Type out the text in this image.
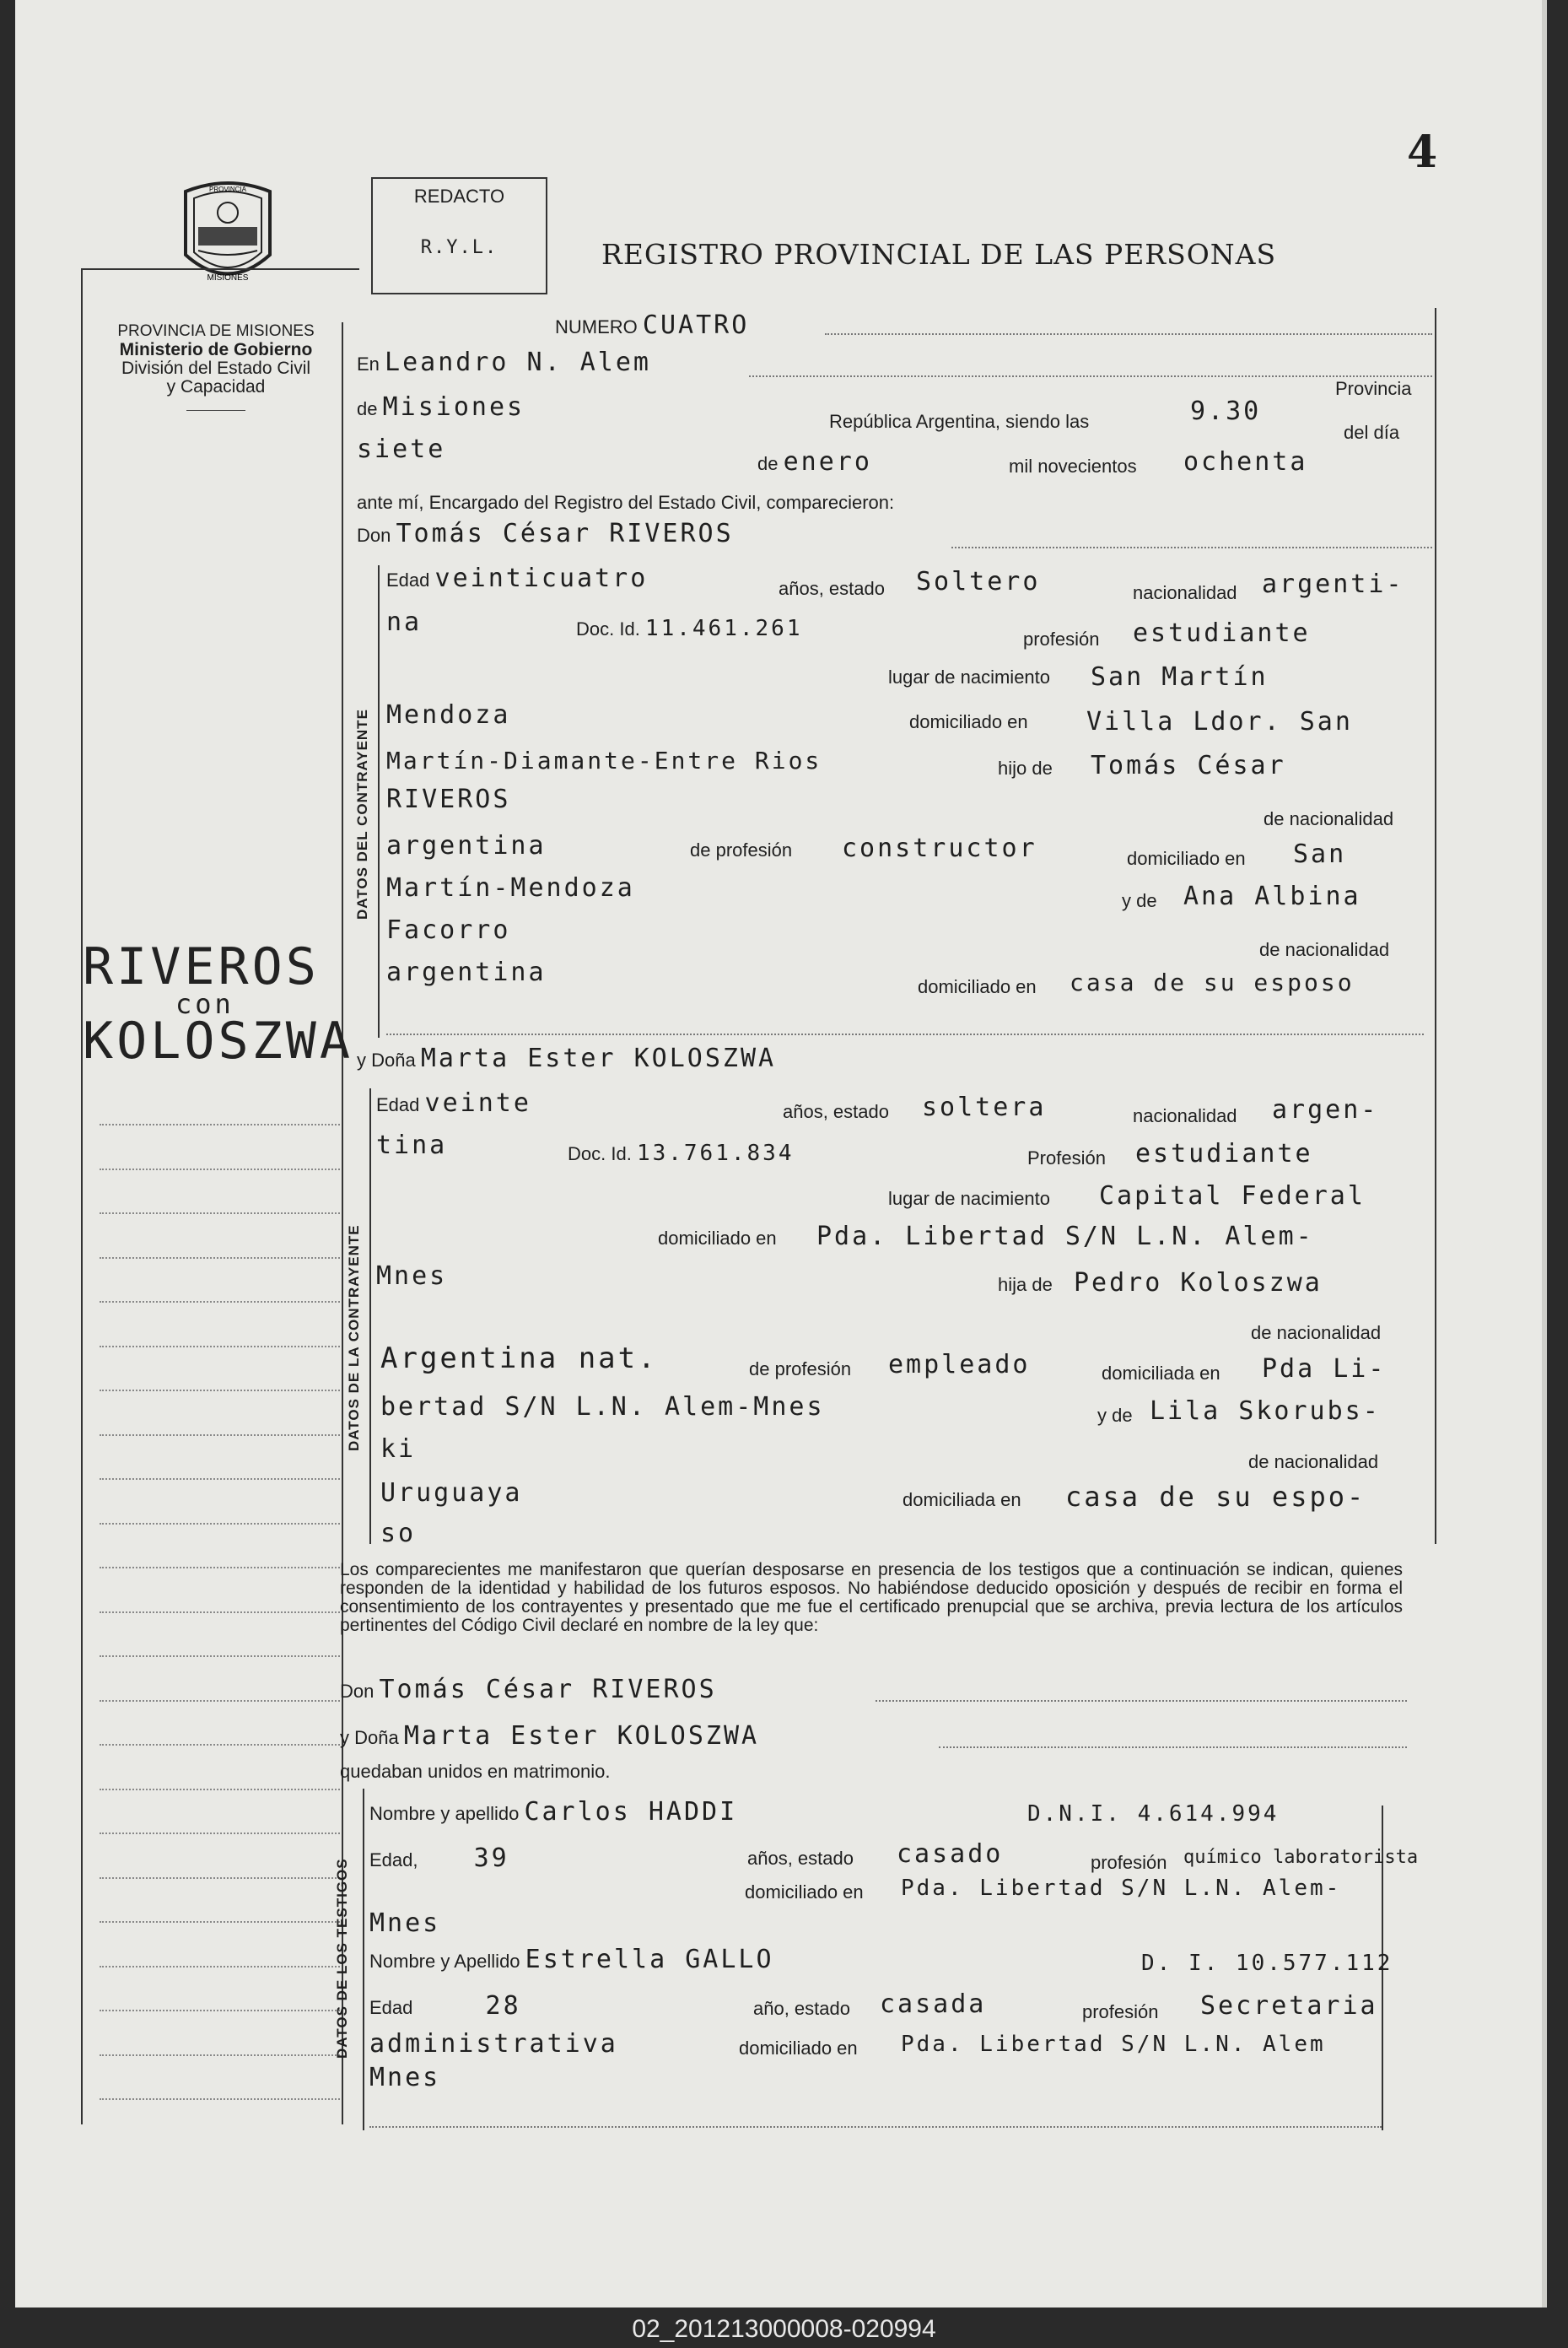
4
MISIONES
PROVINCIA
PROVINCIA DE MISIONES
Ministerio de Gobierno
División del Estado Civil
y Capacidad
REDACTO
R.Y.L.	REGISTRO PROVINCIAL DE LAS PERSONAS
RIVEROS
con
KOLOSZWA
NUMERO CUATRO
En Leandro N. Alem
de Misiones
Provincia
República Argentina, siendo las	9.30
del día
siete	de enero	mil novecientos ochenta
ante mí, Encargado del Registro del Estado Civil, comparecieron:
Don Tomás César RIVEROS
DATOS DEL CONTRAYENTE
Edad veinticuatro	años, estado Soltero	nacionalidad argenti-
na	Doc. Id. 11.461.261	profesión estudiante
lugar de nacimiento San Martín
Mendoza	domiciliado en Villa Ldor. San
Martín-Diamante-Entre Rios	hijo de Tomás César
RIVEROS
de nacionalidad
argentina	de profesión constructor	domiciliado en San
Martín-Mendoza	y de Ana Albina
Facorro
de nacionalidad
argentina	domiciliado en casa de su esposo
y Doña Marta Ester KOLOSZWA
DATOS DE LA CONTRAYENTE
Edad veinte	años, estado soltera	nacionalidad argen-
tina	Doc. Id. 13.761.834	Profesión estudiante
lugar de nacimiento Capital Federal
domiciliado en Pda. Libertad S/N L.N. Alem-
Mnes	hija de Pedro Koloszwa
de nacionalidad
Argentina nat.	de profesión empleado	domiciliada en Pda Li-
bertad S/N L.N. Alem-Mnes	y de Lila Skorubs-
ki	de nacionalidad
Uruguaya	domiciliada en casa de su espo-
so
Los comparecientes me manifestaron que querían desposarse en presencia de los testigos que a continuación se indican, quienes responden de la identidad y habilidad de los futuros esposos. No habiéndose deducido oposición y después de recibir en forma el consentimiento de los contrayentes y presentado que me fue el certificado prenupcial que se archiva, previa lectura de los artículos pertinentes del Código Civil declaré en nombre de la ley que:
Don Tomás César RIVEROS
y Doña Marta Ester KOLOSZWA
quedaban unidos en matrimonio.
DATOS DE LOS TESTIGOS
Nombre y apellido Carlos HADDI	D.N.I. 4.614.994
Edad, 39	años, estado casado	profesión químico laboratorista
domiciliado en Pda. Libertad S/N L.N. Alem-
Mnes
Nombre y Apellido Estrella GALLO	D. I. 10.577.112
Edad	28	año, estado casada	profesión Secretaria
administrativa	domiciliado en Pda. Libertad S/N L.N. Alem
Mnes
02_201213000008-020994
